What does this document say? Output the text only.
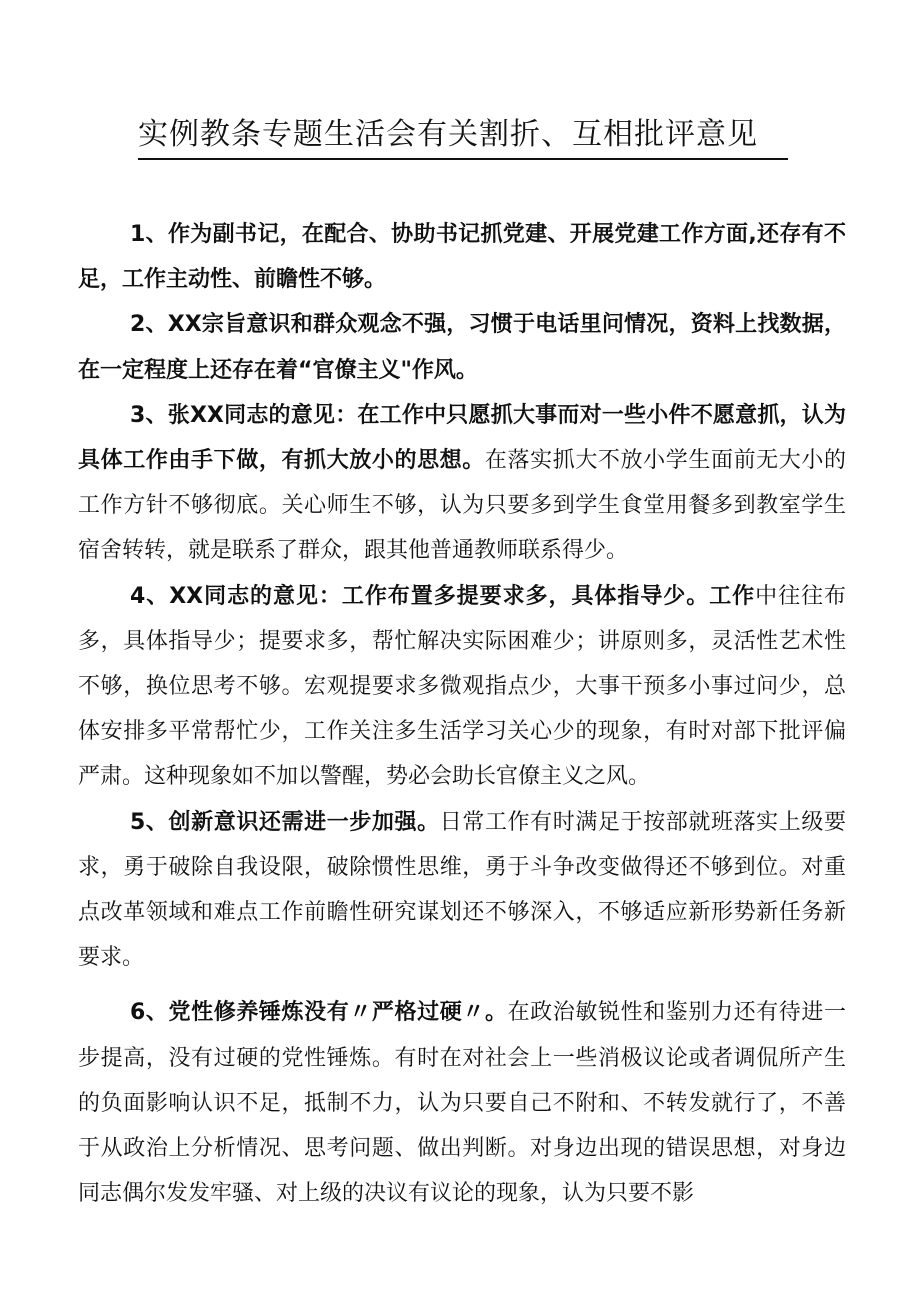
实例教条专题生活会有关割折、互相批评意见

1、作为副书记，在配合、协助书记抓党建、开展党建工作方面,还存有不足，工作主动性、前瞻性不够。

2、XX宗旨意识和群众观念不强，习惯于电话里问情况，资料上找数据，在一定程度上还存在着“官僚主义"作风。

3、张XX同志的意见：在工作中只愿抓大事而对一些小件不愿意抓，认为具体工作由手下做，有抓大放小的思想。在落实抓大不放小学生面前无大小的工作方针不够彻底。关心师生不够，认为只要多到学生食堂用餐多到教室学生宿舍转转，就是联系了群众，跟其他普通教师联系得少。

4、XX同志的意见：工作布置多提要求多，具体指导少。工作中往往布多，具体指导少；提要求多，帮忙解决实际困难少；讲原则多，灵活性艺术性不够，换位思考不够。宏观提要求多微观指点少，大事干预多小事过问少，总体安排多平常帮忙少，工作关注多生活学习关心少的现象，有时对部下批评偏严肃。这种现象如不加以警醒，势必会助长官僚主义之风。

5、创新意识还需进一步加强。日常工作有时满足于按部就班落实上级要求，勇于破除自我设限，破除惯性思维，勇于斗争改变做得还不够到位。对重点改革领域和难点工作前瞻性研究谋划还不够深入，不够适应新形势新任务新要求。

6、党性修养锤炼没有〃严格过硬〃。在政治敏锐性和鉴别力还有待进一步提高，没有过硬的党性锤炼。有时在对社会上一些消极议论或者调侃所产生的负面影响认识不足，抵制不力，认为只要自己不附和、不转发就行了，不善于从政治上分析情况、思考问题、做出判断。对身边出现的错误思想，对身边同志偶尔发发牢骚、对上级的决议有议论的现象，认为只要不影
